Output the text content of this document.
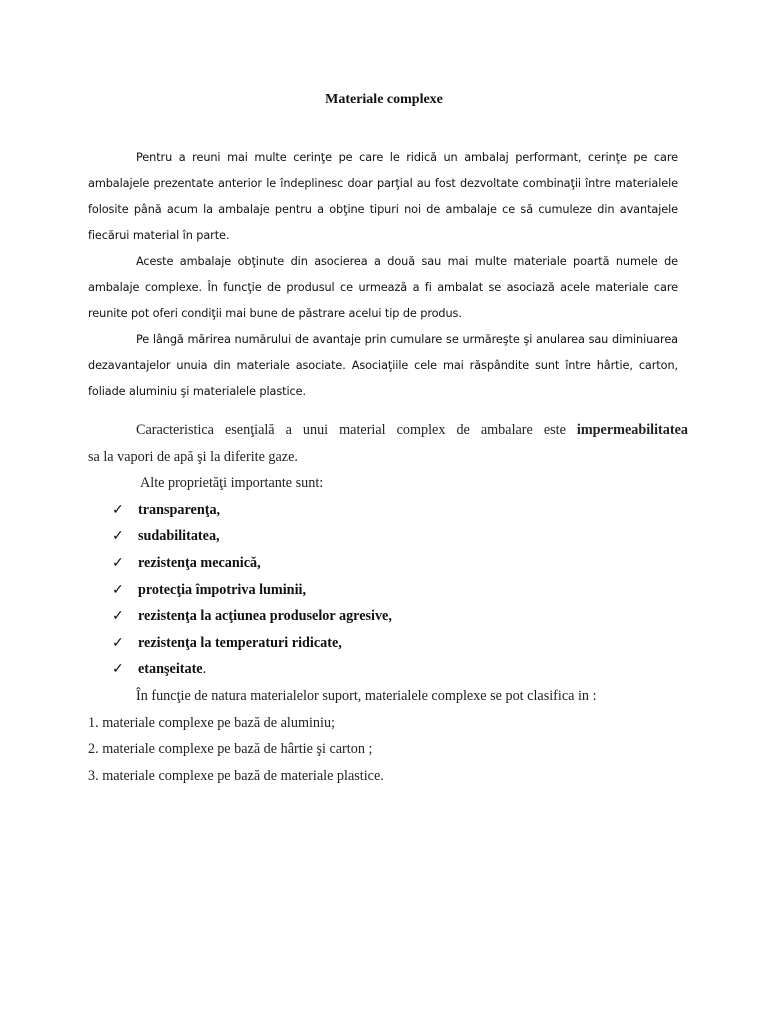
Materiale complexe

Pentru a reuni mai multe cerinţe pe care le ridică un ambalaj performant, cerinţe pe care ambalajele prezentate anterior le îndeplinesc doar parţial au fost dezvoltate combinaţii între materialele folosite până acum la ambalaje pentru a obţine tipuri noi de ambalaje ce să cumuleze din avantajele fiecărui material în parte.

Aceste ambalaje obţinute din asocierea a două sau mai multe materiale poartă numele de ambalaje complexe. În funcţie de produsul ce urmează a fi ambalat se asociază acele materiale care reunite pot oferi condiţii mai bune de păstrare acelui tip de produs.

Pe lângă mărirea numărului de avantaje prin cumulare se urmăreşte şi anularea sau diminiuarea dezavantajelor unuia din materiale asociate. Asociaţiile cele mai răspândite sunt între hârtie, carton, foliade aluminiu şi materialele plastice.

Caracteristica esenţială a unui material complex de ambalare este impermeabilitatea
sa la vapori de apă şi la diferite gaze.
Alte proprietăţi importante sunt:
✓ transparenţa,
✓ sudabilitatea,
✓ rezistenţa mecanică,
✓ protecţia împotriva luminii,
✓ rezistenţa la acţiunea produselor agresive,
✓ rezistenţa la temperaturi ridicate,
✓ etanşeitate.
În funcţie de natura materialelor suport, materialele complexe se pot clasifica in :
1. materiale complexe pe bază de aluminiu;
2. materiale complexe pe bază de hârtie şi carton ;
3. materiale complexe pe bază de materiale plastice.
